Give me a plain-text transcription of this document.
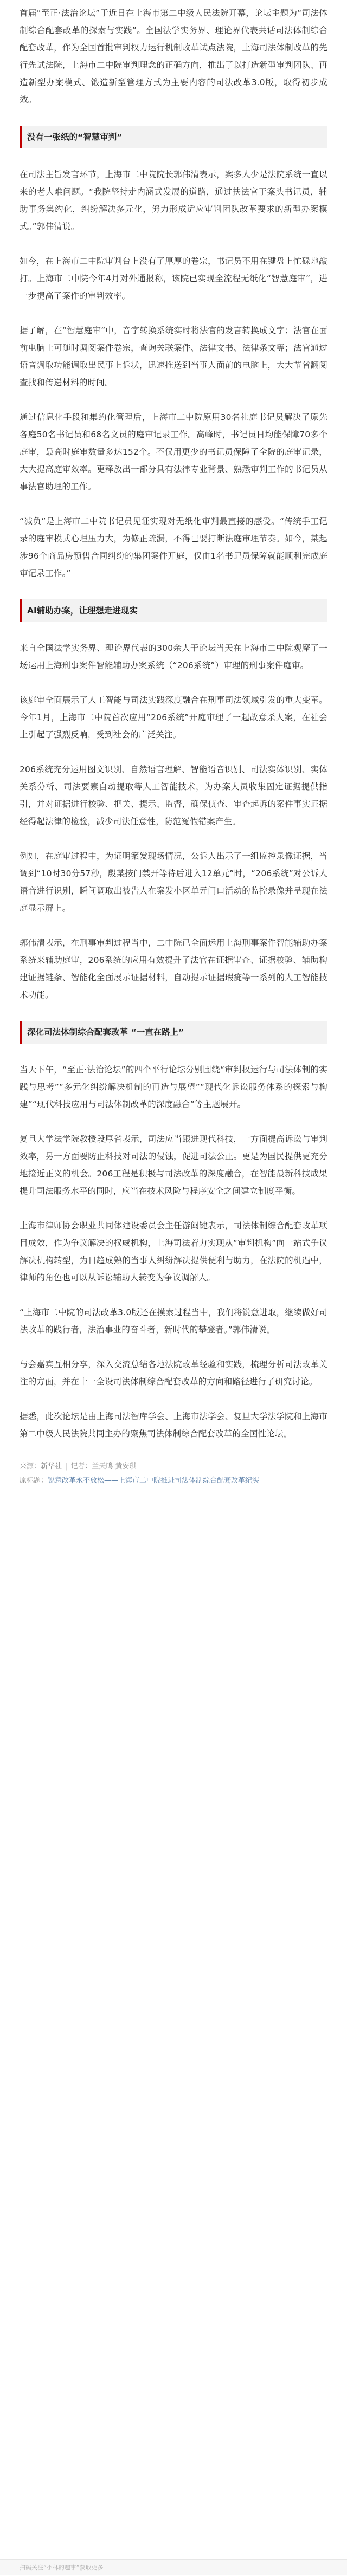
首届“至正·法治论坛”于近日在上海市第二中级人民法院开幕，论坛主题为“司法体制综合配套改革的探索与实践”。全国法学实务界、理论界代表共话司法体制综合配套改革，作为全国首批审判权力运行机制改革试点法院，上海司法体制改革的先行先试法院，上海市二中院审判理念的正确方向，推出了以打造新型审判团队、再造新型办案模式、锻造新型管理方式为主要内容的司法改革3.0版，取得初步成效。

没有一张纸的“智慧审判”

在司法主旨发言环节，上海市二中院院长郭伟清表示，案多人少是法院系统一直以来的老大难问题。“我院坚持走内涵式发展的道路，通过扶法官于案头书记员，辅助事务集约化，纠纷解决多元化，努力形成适应审判团队改革要求的新型办案模式。”郭伟清说。

如今，在上海市二中院审判台上没有了厚厚的卷宗，书记员不用在键盘上忙碌地敲打。上海市二中院今年4月对外通报称，该院已实现全流程无纸化“智慧庭审”，进一步提高了案件的审判效率。

据了解，在“智慧庭审”中，音字转换系统实时将法官的发言转换成文字；法官在面前电脑上可随时调阅案件卷宗，查询关联案件、法律文书、法律条文等；法官通过语音调取功能调取出民事上诉状，迅速推送到当事人面前的电脑上，大大节省翻阅查找和传递材料的时间。

通过信息化手段和集约化管理后，上海市二中院原用30名社庭书记员解决了原先各庭50名书记员和68名文员的庭审记录工作。高峰时，书记员日均能保障70多个庭审，最高时庭审数量多达152个。不仅用更少的书记员保障了全院的庭审记录，大大提高庭审效率。更释放出一部分具有法律专业背景、熟悉审判工作的书记员从事法官助理的工作。

“减负”是上海市二中院书记员见证实现对无纸化审判最直接的感受。“传统手工记录的庭审模式心理压力大，为修正疏漏，不得已要打断法庭审理节奏。如今，某起涉96个商品房预售合同纠纷的集团案件开庭，仅由1名书记员保障就能顺利完成庭审记录工作。”

AI辅助办案，让理想走进现实

来自全国法学实务界、理论界代表的300余人于论坛当天在上海市二中院观摩了一场运用上海刑事案件智能辅助办案系统（“206系统”）审理的刑事案件庭审。

该庭审全面展示了人工智能与司法实践深度融合在刑事司法领域引发的重大变革。今年1月，上海市二中院首次应用“206系统”开庭审理了一起故意杀人案，在社会上引起了强烈反响，受到社会的广泛关注。

206系统充分运用图文识别、自然语言理解、智能语音识别、司法实体识别、实体关系分析、司法要素自动提取等人工智能技术，为办案人员收集固定证据提供指引，并对证据进行校验、把关、提示、监督，确保侦查、审查起诉的案件事实证据经得起法律的检验，减少司法任意性，防范冤假错案产生。

例如，在庭审过程中，为证明案发现场情况，公诉人出示了一组监控录像证据，当调到“10时30分57秒，殷某按门禁开等待后进入12单元”时，“206系统”对公诉人语音进行识别，瞬间调取出被告人在案发小区单元门口活动的监控录像并呈现在法庭显示屏上。

郭伟清表示，在刑事审判过程当中，二中院已全面运用上海刑事案件智能辅助办案系统来辅助庭审，206系统的应用有效提升了法官在证据审查、证据校验、辅助构建证据链条、智能化全面展示证据材料，自动提示证据瑕疵等一系列的人工智能技术功能。

深化司法体制综合配套改革 “一直在路上”

当天下午，“至正·法治论坛”的四个平行论坛分别围绕“审判权运行与司法体制的实践与思考”“多元化纠纷解决机制的再造与展望”“现代化诉讼服务体系的探索与构建”“现代科技应用与司法体制改革的深度融合”等主题展开。

复旦大学法学院教授段厚省表示，司法应当跟进现代科技，一方面提高诉讼与审判效率，另一方面要防止科技对司法的侵蚀，促进司法公正。更是为国民提供更充分地接近正义的机会。206工程是积极与司法改革的深度融合，在智能最新科技成果提升司法服务水平的同时，应当在技术风险与程序安全之间建立制度平衡。

上海市律师协会职业共同体建设委员会主任游闽键表示，司法体制综合配套改革项目成效，作为争议解决的权威机构，上海司法着力实现从“审判机构”向一站式争议解决机构转型，为日趋成熟的当事人纠纷解决提供便利与助力，在法院的机遇中，律师的角色也可以从诉讼辅助人转变为争议调解人。

“上海市二中院的司法改革3.0版还在摸索过程当中，我们将锐意进取，继续做好司法改革的践行者，法治事业的奋斗者，新时代的攀登者。”郭伟清说。

与会嘉宾互相分享，深入交流总结各地法院改革经验和实践，梳理分析司法改革关注的方面，并在十一全设司法体制综合配套改革的方向和路径进行了研究讨论。

据悉，此次论坛是由上海司法智库学会、上海市法学会、复旦大学法学院和上海市第二中级人民法院共同主办的聚焦司法体制综合配套改革的全国性论坛。

来源：新华社 | 记者：兰天鸣 黄安琪

原标题：锐意改革永不放松——上海市二中院推进司法体制综合配套改革纪实

扫码关注“小林的趣事”获取更多
